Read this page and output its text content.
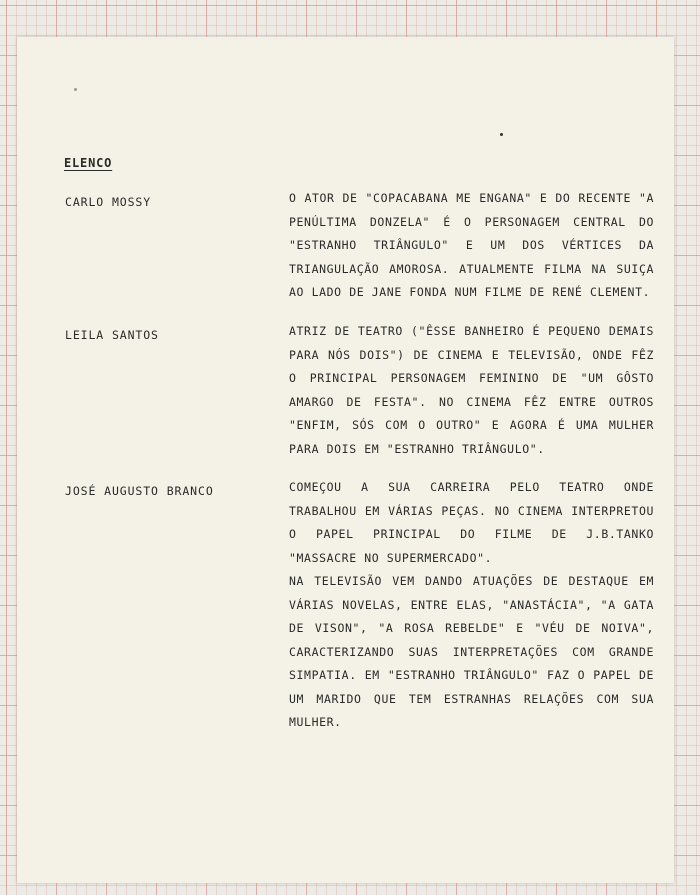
ELENCO
CARLO MOSSY	O ATOR DE "COPACABANA ME ENGANA" E DO RECENTE "A PENÚLTIMA DONZELA" É O PERSONAGEM CENTRAL DO "ESTRANHO TRIÂNGULO" E UM DOS VÉRTICES DA TRIANGULAÇÃO AMOROSA. ATUALMENTE FILMA NA SUIÇA AO LADO DE JANE FONDA NUM FILME DE RENÉ CLEMENT.

LEILA SANTOS	ATRIZ DE TEATRO ("ÊSSE BANHEIRO É PEQUENO DEMAIS PARA NÓS DOIS") DE CINEMA E TELEVISÃO, ONDE FÊZ O PRINCIPAL PERSONAGEM FEMININO DE "UM GÔSTO AMARGO DE FESTA". NO CINEMA FÊZ ENTRE OUTROS "ENFIM, SÓS COM O OUTRO" E AGORA É UMA MULHER PARA DOIS EM "ESTRANHO TRIÂNGULO".

JOSÉ AUGUSTO BRANCO	COMEÇOU A SUA CARREIRA PELO TEATRO ONDE TRABALHOU EM VÁRIAS PEÇAS. NO CINEMA INTERPRETOU O PAPEL PRINCIPAL DO FILME DE J.B.TANKO "MASSACRE NO SUPERMERCADO".

NA TELEVISÃO VEM DANDO ATUAÇÕES DE DESTAQUE EM VÁRIAS NOVELAS, ENTRE ELAS, "ANASTÁCIA", "A GATA DE VISON", "A ROSA REBELDE" E "VÉU DE NOIVA", CARACTERIZANDO SUAS INTERPRETAÇÕES COM GRANDE SIMPATIA. EM "ESTRANHO TRIÂNGULO" FAZ O PAPEL DE UM MARIDO QUE TEM ESTRANHAS RELAÇÕES COM SUA MULHER.
